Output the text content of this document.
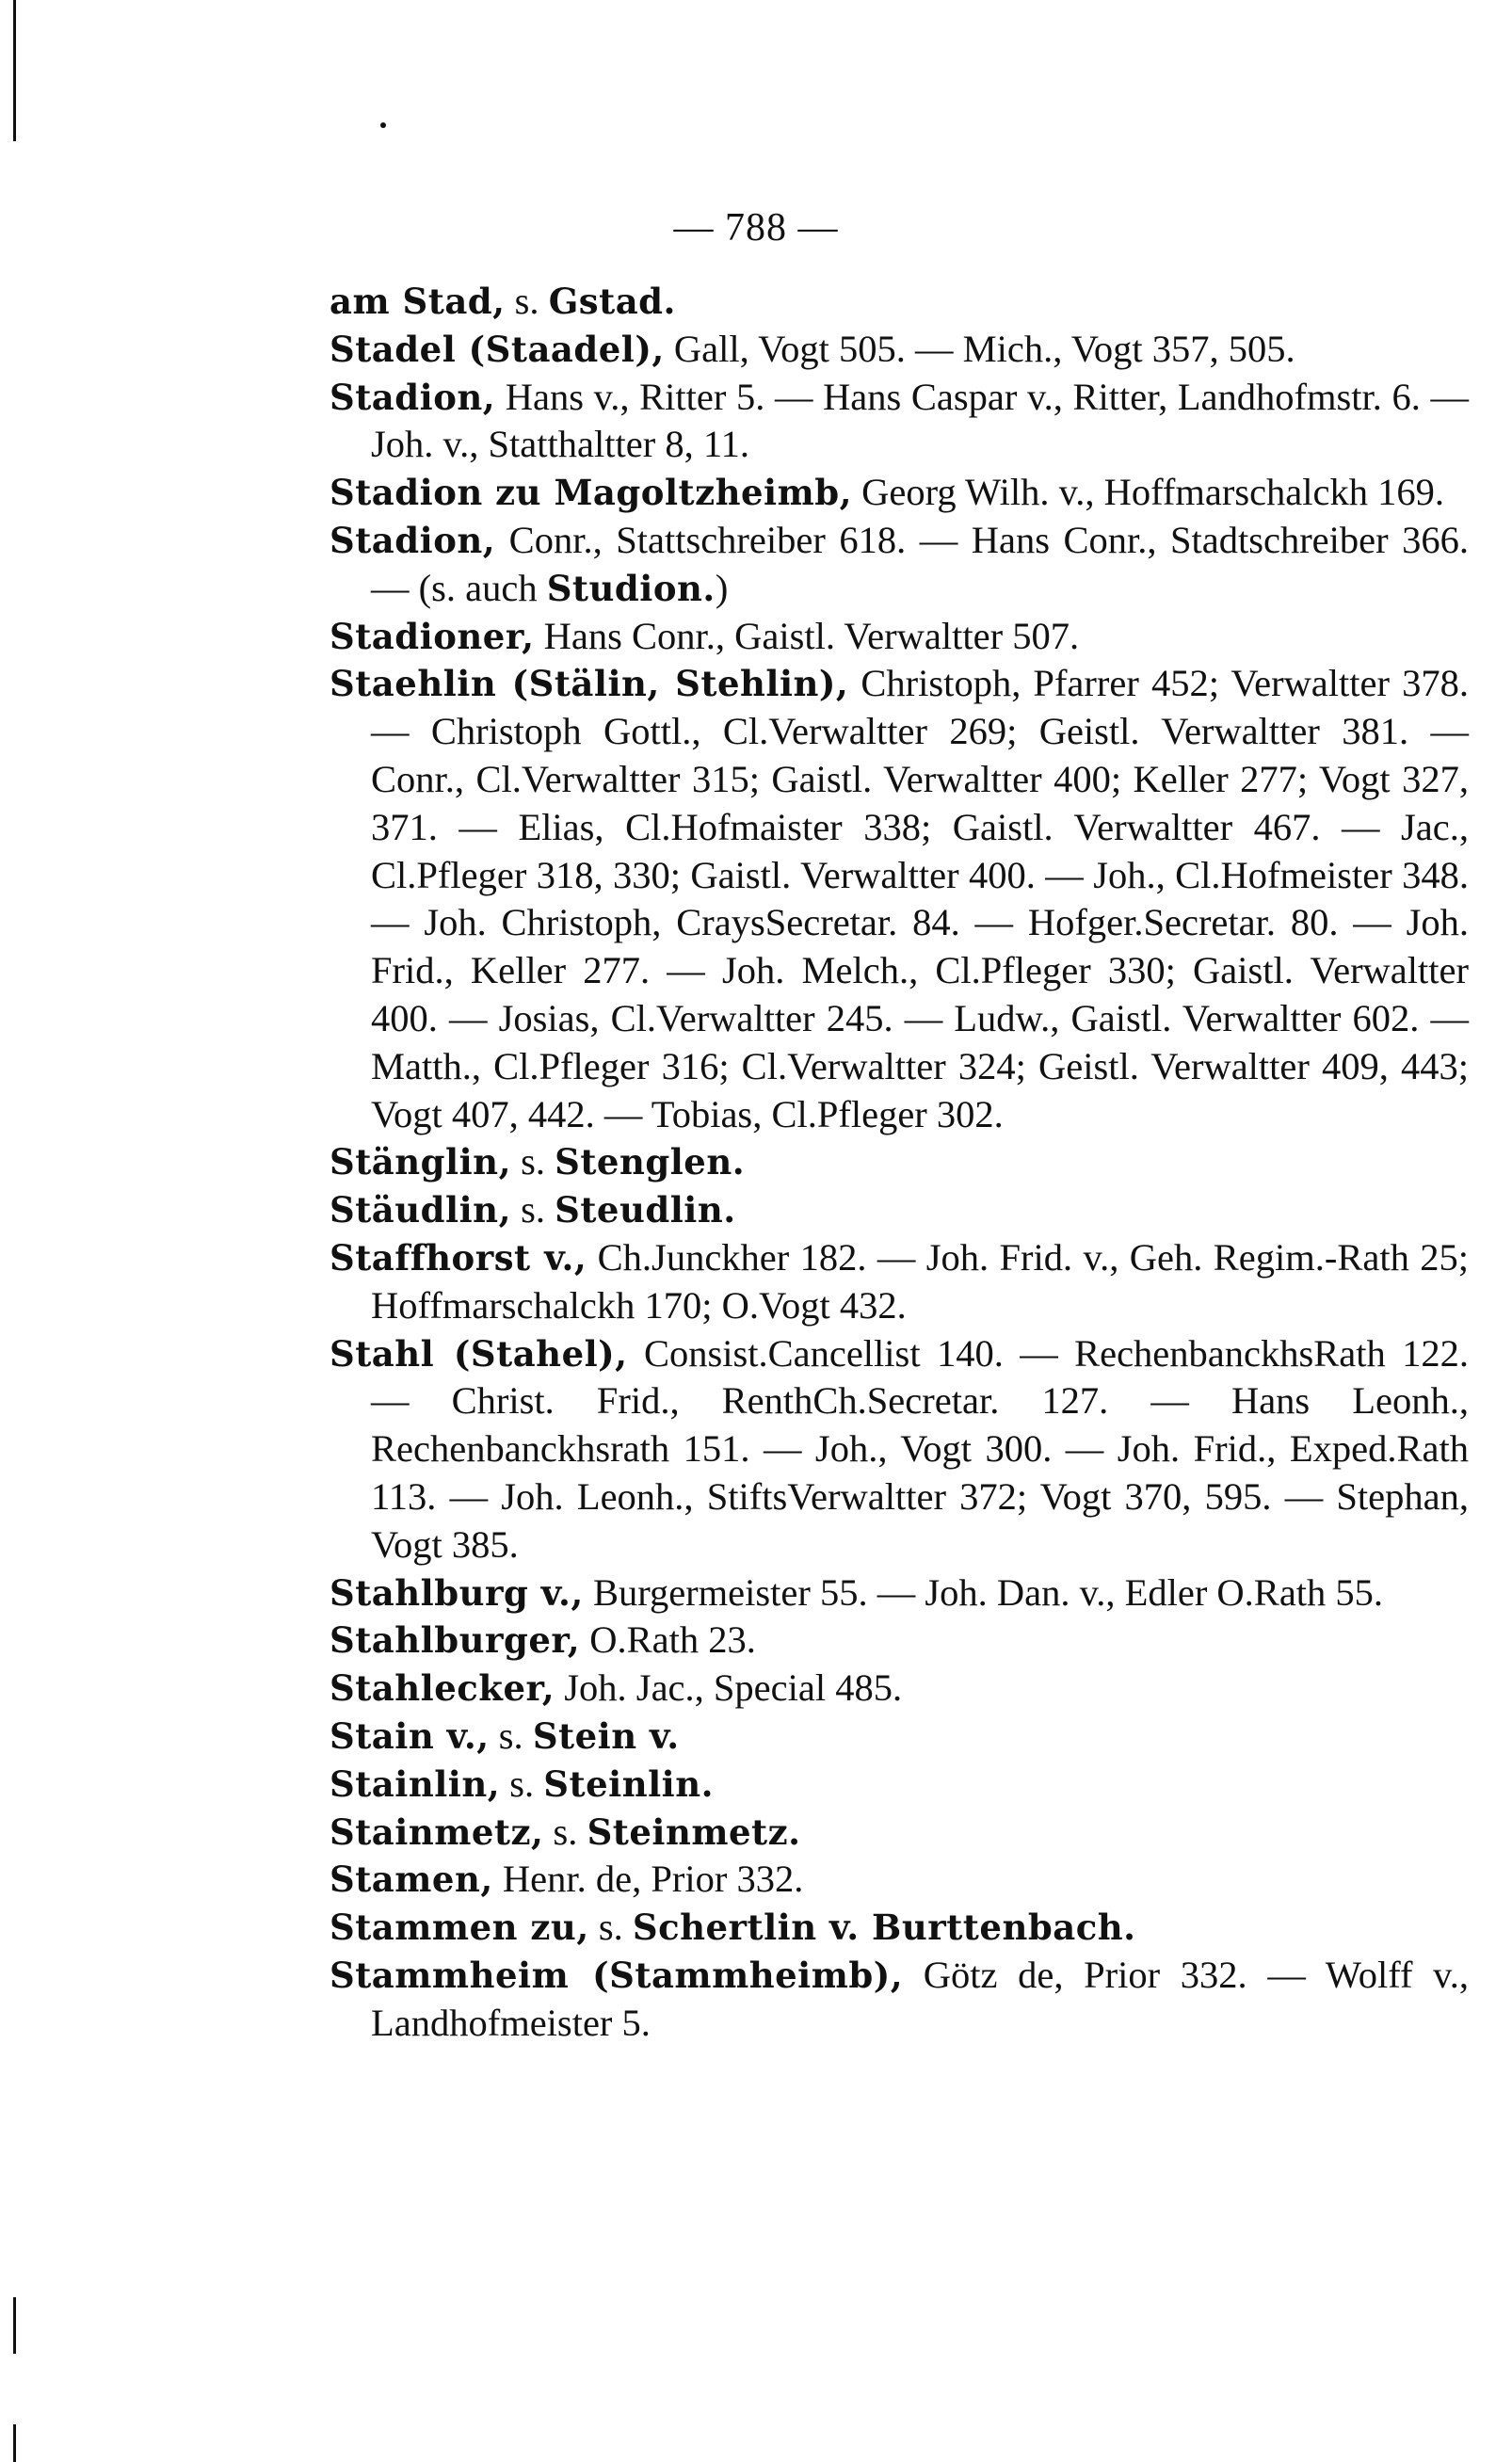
— 788 —

am Stad, s. Gstad.

Stadel (Staadel), Gall, Vogt 505. — Mich., Vogt 357, 505.

Stadion, Hans v., Ritter 5. — Hans Caspar v., Ritter, Landhofmstr. 6. — Joh. v., Statthaltter 8, 11.

Stadion zu Magoltzheimb, Georg Wilh. v., Hoffmarschalckh 169.

Stadion, Conr., Stattschreiber 618. — Hans Conr., Stadtschreiber 366. — (s. auch Studion.)

Stadioner, Hans Conr., Gaistl. Verwaltter 507.

Staehlin (Stälin, Stehlin), Christoph, Pfarrer 452; Verwaltter 378. — Christoph Gottl., Cl.Verwaltter 269; Geistl. Verwaltter 381. — Conr., Cl.Verwaltter 315; Gaistl. Verwaltter 400; Keller 277; Vogt 327, 371. — Elias, Cl.Hofmaister 338; Gaistl. Verwaltter 467. — Jac., Cl.Pfleger 318, 330; Gaistl. Verwaltter 400. — Joh., Cl.Hofmeister 348. — Joh. Christoph, CraysSecretar. 84. — Hofger.Secretar. 80. — Joh. Frid., Keller 277. — Joh. Melch., Cl.Pfleger 330; Gaistl. Verwaltter 400. — Josias, Cl.Verwaltter 245. — Ludw., Gaistl. Verwaltter 602. — Matth., Cl.Pfleger 316; Cl.Verwaltter 324; Geistl. Verwaltter 409, 443; Vogt 407, 442. — Tobias, Cl.Pfleger 302.

Stänglin, s. Stenglen.

Stäudlin, s. Steudlin.

Staffhorst v., Ch.Junckher 182. — Joh. Frid. v., Geh. Regim.-Rath 25; Hoffmarschalckh 170; O.Vogt 432.

Stahl (Stahel), Consist.Cancellist 140. — RechenbanckhsRath 122. — Christ. Frid., RenthCh.Secretar. 127. — Hans Leonh., Rechenbanckhsrath 151. — Joh., Vogt 300. — Joh. Frid., Exped.Rath 113. — Joh. Leonh., StiftsVerwaltter 372; Vogt 370, 595. — Stephan, Vogt 385.

Stahlburg v., Burgermeister 55. — Joh. Dan. v., Edler O.Rath 55.

Stahlburger, O.Rath 23.

Stahlecker, Joh. Jac., Special 485.

Stain v., s. Stein v.

Stainlin, s. Steinlin.

Stainmetz, s. Steinmetz.

Stamen, Henr. de, Prior 332.

Stammen zu, s. Schertlin v. Burttenbach.

Stammheim (Stammheimb), Götz de, Prior 332. — Wolff v., Landhofmeister 5.
